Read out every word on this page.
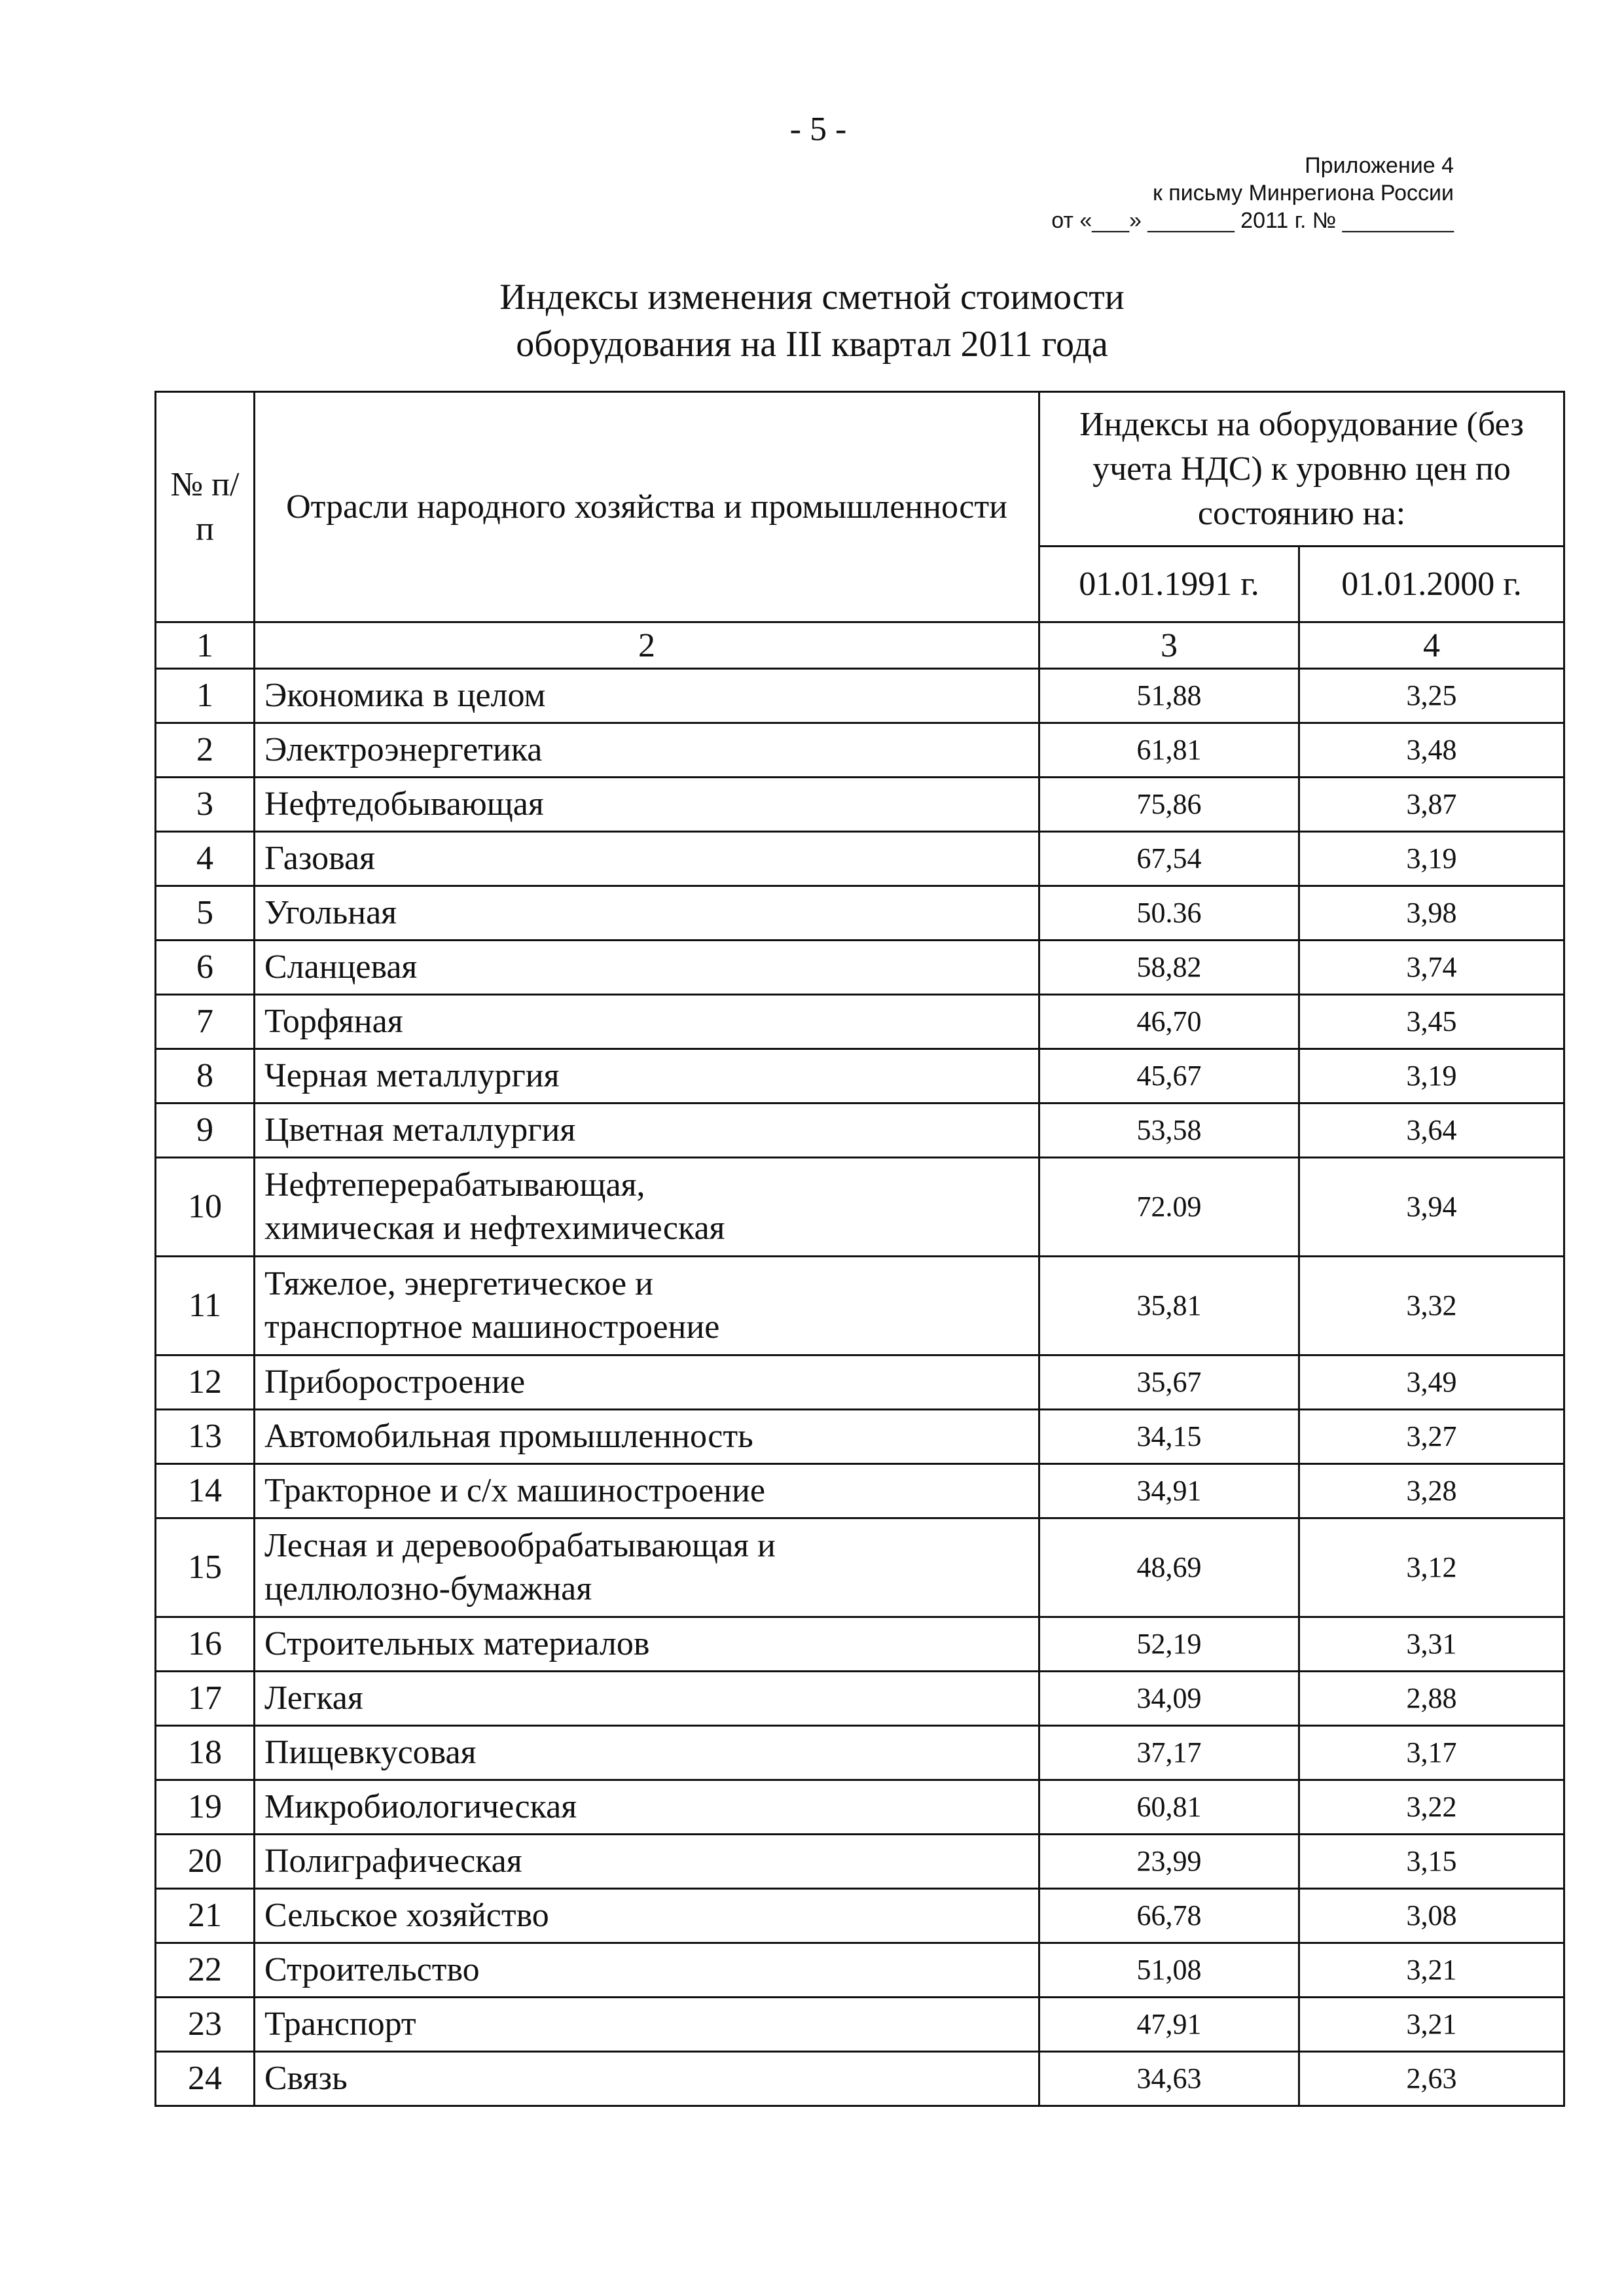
- 5 -
Приложение 4
к письму Минрегиона России
от «___» _______ 2011 г. № _________
Индексы изменения сметной стоимости
оборудования на III квартал 2011 года
№ п/п	Отрасли народного хозяйства и промышленности	Индексы на оборудование (без учета НДС) к уровню цен по состоянию на:	
		01.01.1991 г.	01.01.2000 г.
1	2	3	4
1	Экономика в целом	51,88	3,25
2	Электроэнергетика	61,81	3,48
3	Нефтедобывающая	75,86	3,87
4	Газовая	67,54	3,19
5	Угольная	50.36	3,98
6	Сланцевая	58,82	3,74
7	Торфяная	46,70	3,45
8	Черная металлургия	45,67	3,19
9	Цветная металлургия	53,58	3,64
10	Нефтеперерабатывающая,
химическая и нефтехимическая	72.09	3,94
11	Тяжелое, энергетическое и
транспортное машиностроение	35,81	3,32
12	Приборостроение	35,67	3,49
13	Автомобильная промышленность	34,15	3,27
14	Тракторное и с/х машиностроение	34,91	3,28
15	Лесная и деревообрабатывающая и
целлюлозно-бумажная	48,69	3,12
16	Строительных материалов	52,19	3,31
17	Легкая	34,09	2,88
18	Пищевкусовая	37,17	3,17
19	Микробиологическая	60,81	3,22
20	Полиграфическая	23,99	3,15
21	Сельское хозяйство	66,78	3,08
22	Строительство	51,08	3,21
23	Транспорт	47,91	3,21
24	Связь	34,63	2,63
